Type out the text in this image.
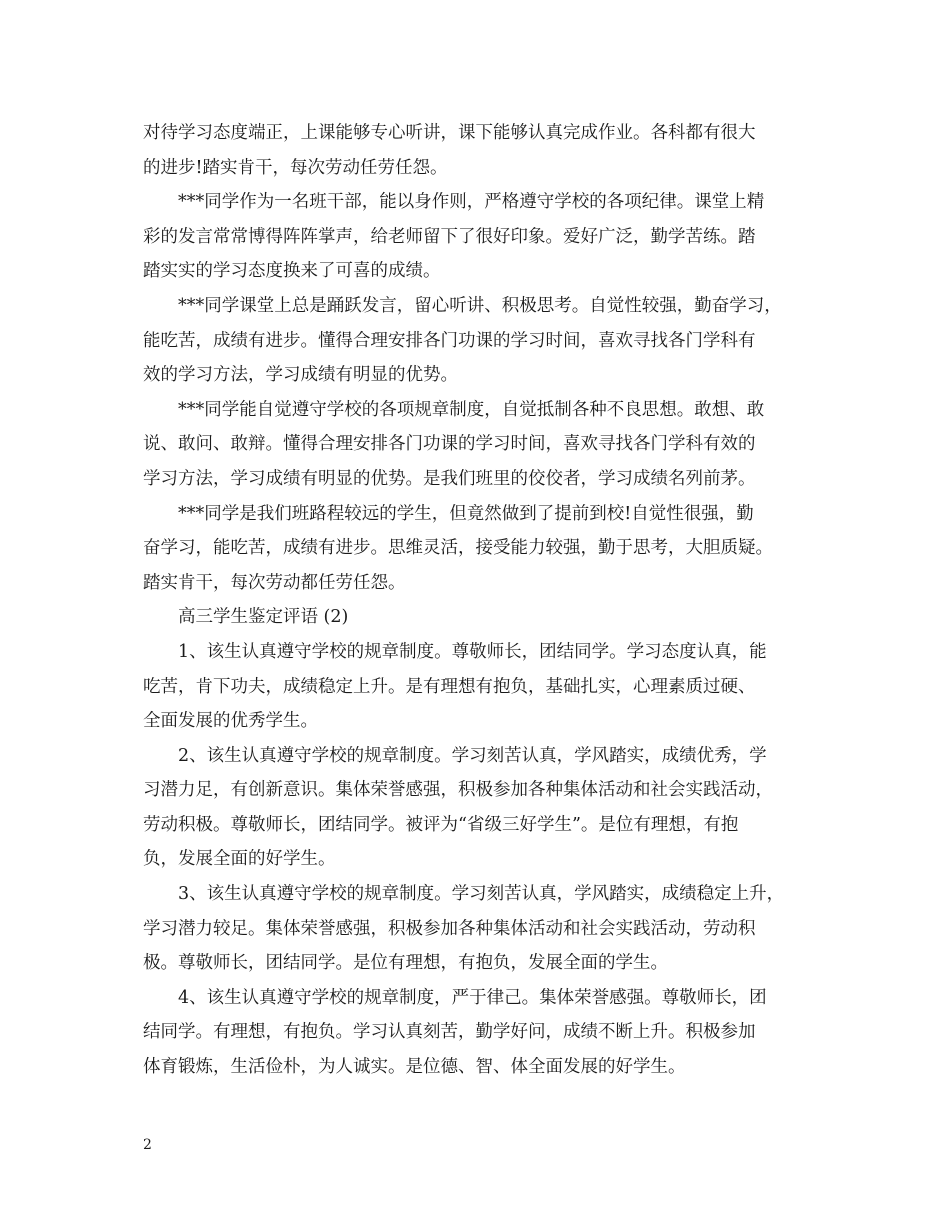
对待学习态度端正，上课能够专心听讲，课下能够认真完成作业。各科都有很大
的进步!踏实肯干，每次劳动任劳任怨。
***同学作为一名班干部，能以身作则，严格遵守学校的各项纪律。课堂上精
彩的发言常常博得阵阵掌声，给老师留下了很好印象。爱好广泛，勤学苦练。踏
踏实实的学习态度换来了可喜的成绩。
***同学课堂上总是踊跃发言，留心听讲、积极思考。自觉性较强，勤奋学习，
能吃苦，成绩有进步。懂得合理安排各门功课的学习时间，喜欢寻找各门学科有
效的学习方法，学习成绩有明显的优势。
***同学能自觉遵守学校的各项规章制度，自觉抵制各种不良思想。敢想、敢
说、敢问、敢辩。懂得合理安排各门功课的学习时间，喜欢寻找各门学科有效的
学习方法，学习成绩有明显的优势。是我们班里的佼佼者，学习成绩名列前茅。
***同学是我们班路程较远的学生，但竟然做到了提前到校!自觉性很强，勤
奋学习，能吃苦，成绩有进步。思维灵活，接受能力较强，勤于思考，大胆质疑。
踏实肯干，每次劳动都任劳任怨。
高三学生鉴定评语 (2)
1、该生认真遵守学校的规章制度。尊敬师长，团结同学。学习态度认真，能
吃苦，肯下功夫，成绩稳定上升。是有理想有抱负，基础扎实，心理素质过硬、
全面发展的优秀学生。
2、该生认真遵守学校的规章制度。学习刻苦认真，学风踏实，成绩优秀，学
习潜力足，有创新意识。集体荣誉感强，积极参加各种集体活动和社会实践活动，
劳动积极。尊敬师长，团结同学。被评为“省级三好学生”。是位有理想，有抱
负，发展全面的好学生。
3、该生认真遵守学校的规章制度。学习刻苦认真，学风踏实，成绩稳定上升，
学习潜力较足。集体荣誉感强，积极参加各种集体活动和社会实践活动，劳动积
极。尊敬师长，团结同学。是位有理想，有抱负，发展全面的学生。
4、该生认真遵守学校的规章制度，严于律己。集体荣誉感强。尊敬师长，团
结同学。有理想，有抱负。学习认真刻苦，勤学好问，成绩不断上升。积极参加
体育锻炼，生活俭朴，为人诚实。是位德、智、体全面发展的好学生。
2
